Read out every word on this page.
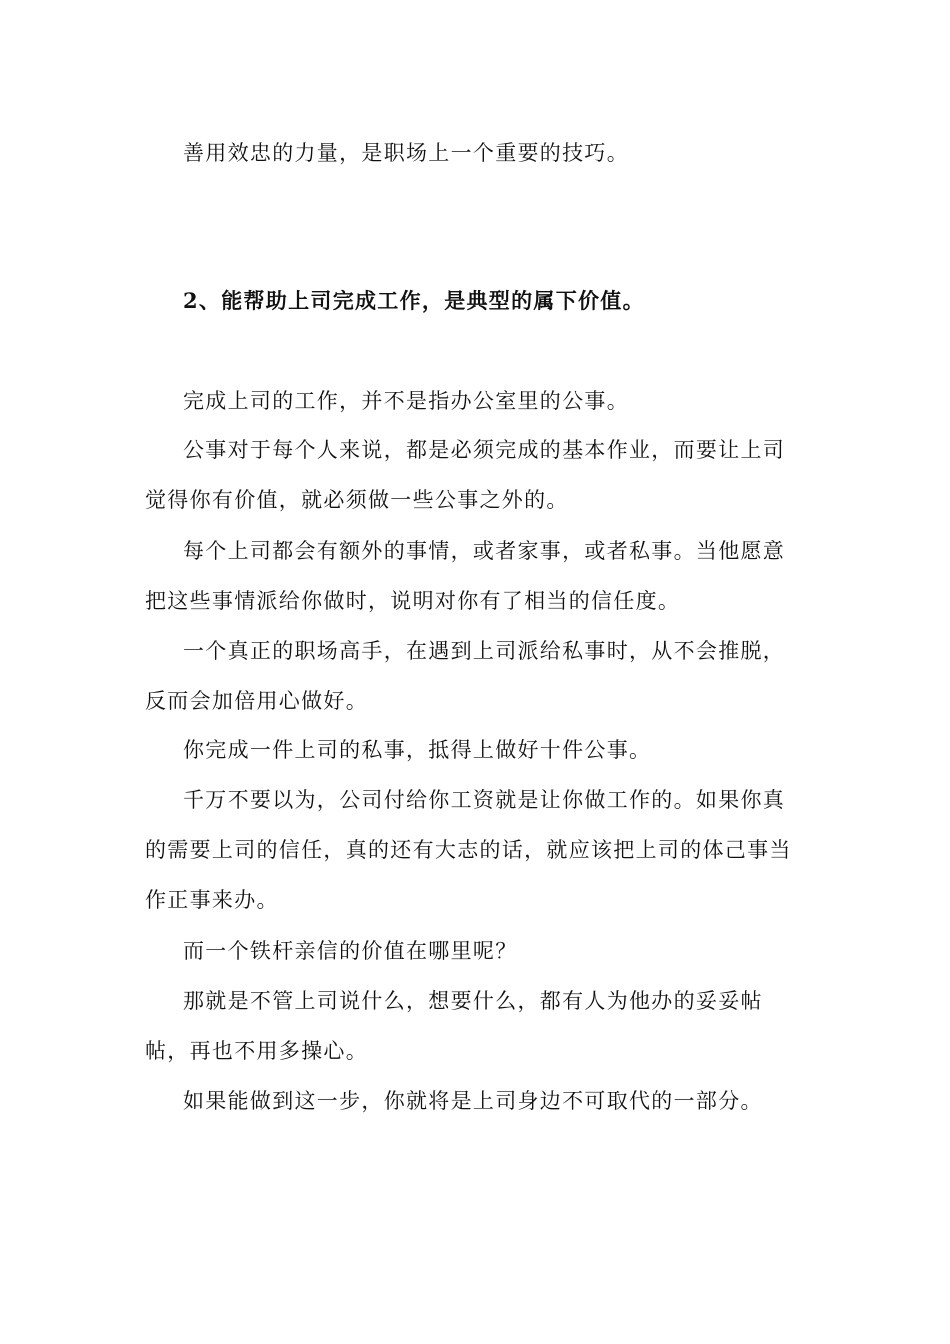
善用效忠的力量，是职场上一个重要的技巧。

2、能帮助上司完成工作，是典型的属下价值。

完成上司的工作，并不是指办公室里的公事。

公事对于每个人来说，都是必须完成的基本作业，而要让上司觉得你有价值，就必须做一些公事之外的。

每个上司都会有额外的事情，或者家事，或者私事。当他愿意把这些事情派给你做时，说明对你有了相当的信任度。

一个真正的职场高手，在遇到上司派给私事时，从不会推脱，反而会加倍用心做好。

你完成一件上司的私事，抵得上做好十件公事。

千万不要以为，公司付给你工资就是让你做工作的。如果你真的需要上司的信任，真的还有大志的话，就应该把上司的体己事当作正事来办。

而一个铁杆亲信的价值在哪里呢？

那就是不管上司说什么，想要什么，都有人为他办的妥妥帖帖，再也不用多操心。

如果能做到这一步，你就将是上司身边不可取代的一部分。
